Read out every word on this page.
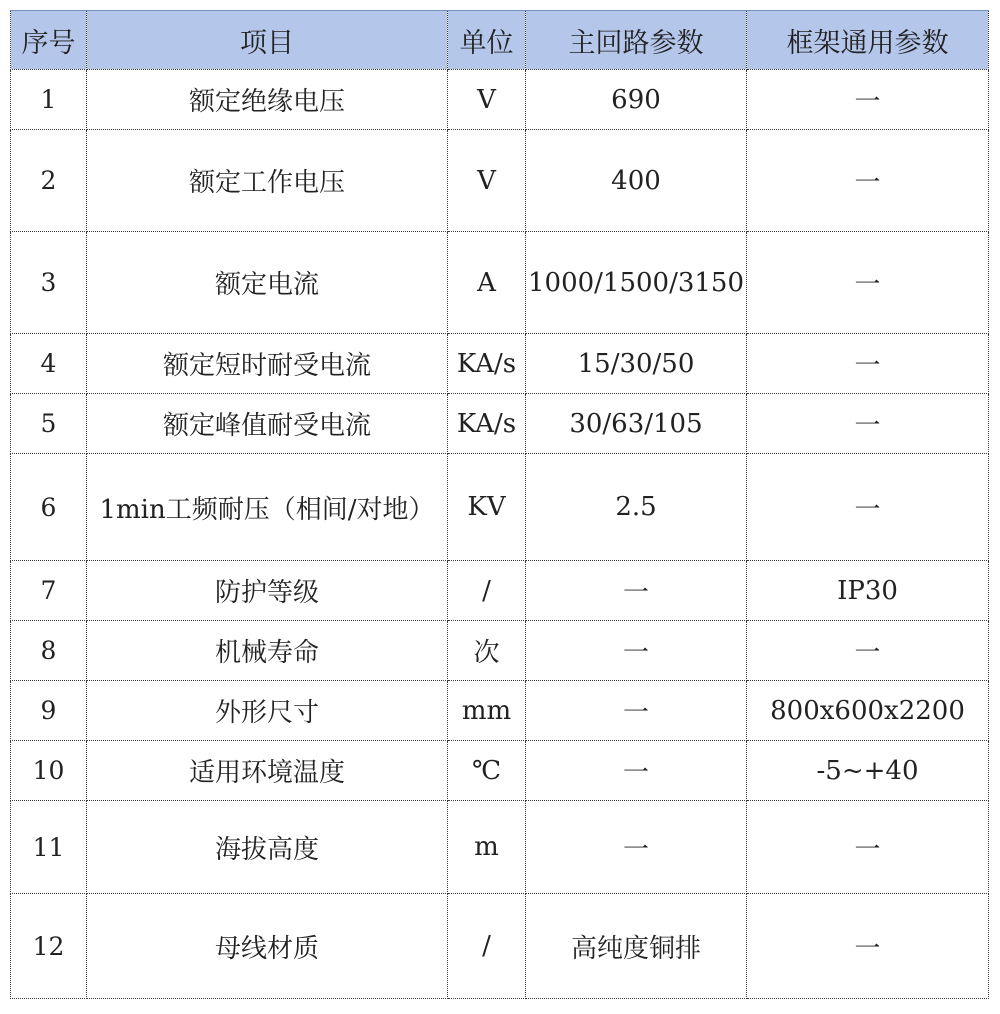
序号	项目	单位	主回路参数	框架通用参数
1	额定绝缘电压	V	690	一
2	额定工作电压	V	400	一
3	额定电流	A	1000/1500/3150	一
4	额定短时耐受电流	KA/s	15/30/50	一
5	额定峰值耐受电流	KA/s	30/63/105	一
6	1min工频耐压（相间/对地）	KV	2.5	一
7	防护等级	/	一	IP30
8	机械寿命	次	一	一
9	外形尺寸	mm	一	800x600x2200
10	适用环境温度	℃	一	-5~+40
11	海拔高度	m	一	一
12	母线材质	/	高纯度铜排	一
